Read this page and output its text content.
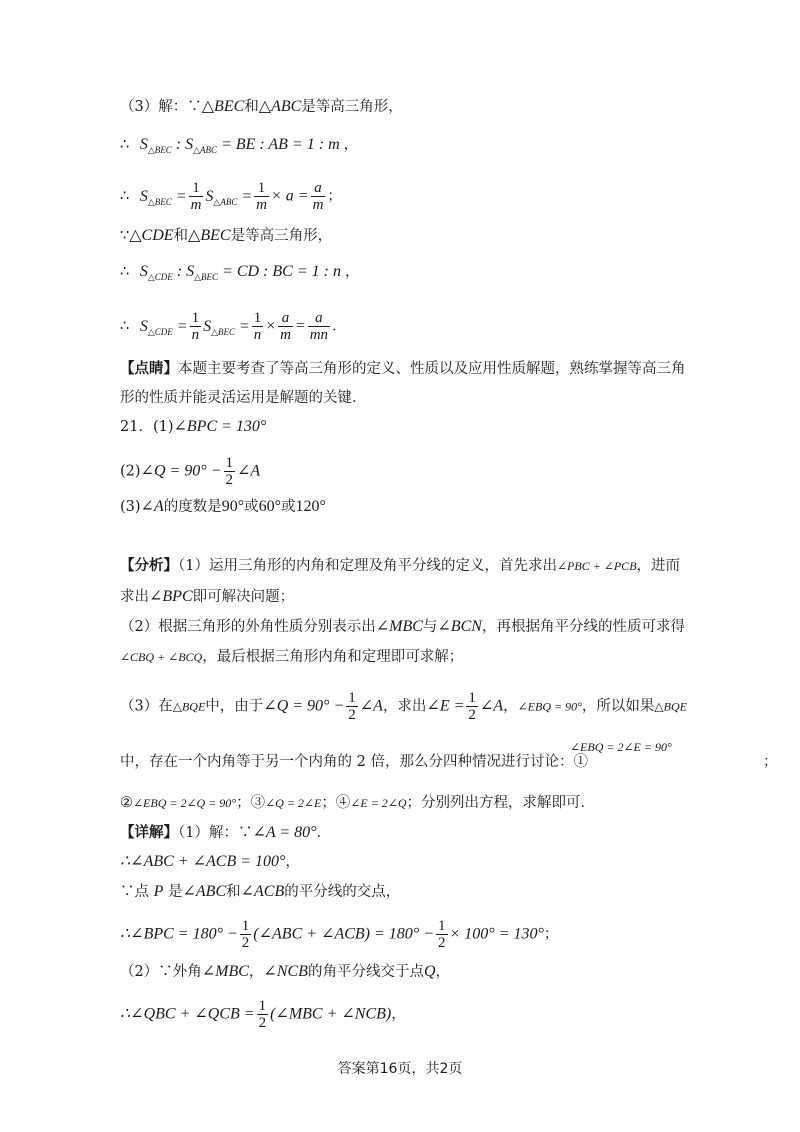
（3）解：∵△BEC和△ABC是等高三角形，
∴ $S_{\triangle BEC}$ : $S_{\triangle ABC}$ = BE : AB = 1 : m ，
∴ $S_{\triangle BEC} = \frac{1}{m} S_{\triangle ABC} = \frac{1}{m} \times a = \frac{a}{m}$ ；
∵△CDE和△BEC是等高三角形，
∴ $S_{\triangle CDE}$ : $S_{\triangle BEC}$ = CD : BC = 1 : n ，
∴ $S_{\triangle CDE} = \frac{1}{n} S_{\triangle BEC} = \frac{1}{n} \times \frac{a}{m} = \frac{a}{mn}$ ．
【点睛】本题主要考查了等高三角形的定义、性质以及应用性质解题，熟练掌握等高三角
形的性质并能灵活运用是解题的关键．
21．(1)∠BPC = 130°
(2)∠Q = $90^\circ - \frac{1}{2}$ ∠A
(3)∠A的度数是90°或60°或120°
【分析】（1）运用三角形的内角和定理及角平分线的定义，首先求出∠PBC + ∠PCB，进而
求出∠BPC即可解决问题；
（2）根据三角形的外角性质分别表示出∠MBC与∠BCN，再根据角平分线的性质可求得
∠CBQ + ∠BCQ，最后根据三角形内角和定理即可求解；
（3）在△BQE中，由于∠Q = $90^\circ - \frac{1}{2}$ ∠A，求出∠E = $\frac{1}{2}$ ∠A，∠EBQ = 90°，所以如果△BQE
∠EBQ = 2∠E = 90°
中，存在一个内角等于另一个内角的 2 倍，那么分四种情况进行讨论：①	；
②∠EBQ = 2∠Q = 90°；③∠Q = 2∠E；④∠E = 2∠Q；分别列出方程，求解即可．
【详解】（1）解：∵∠A = 80°．
∴∠ABC + ∠ACB = 100°，
∵点 P 是∠ABC和∠ACB的平分线的交点，
∴∠BPC = $180^\circ - \frac{1}{2}$ (∠ABC + ∠ACB) = $180^\circ - \frac{1}{2} \times 100^\circ = 130^\circ$；
（2）∵外角∠MBC，∠NCB的角平分线交于点Q，
∴∠QBC + ∠QCB = $\frac{1}{2}$ (∠MBC + ∠NCB)，
答案第16页，共2页
